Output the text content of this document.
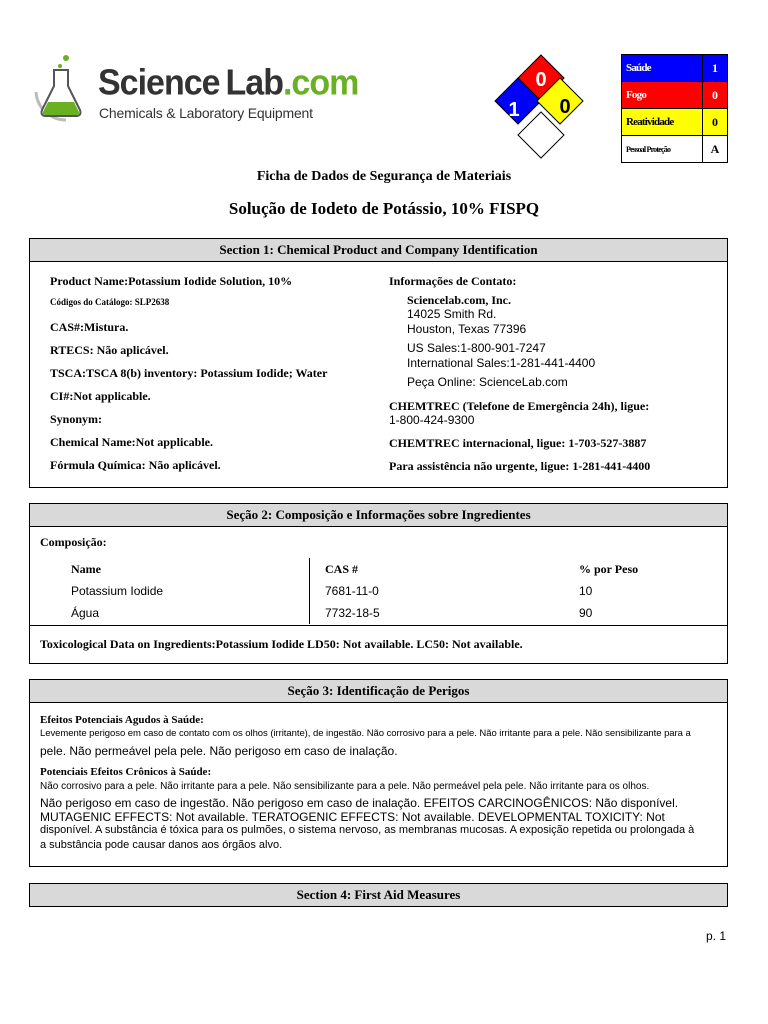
Science Lab.com
Chemicals & Laboratory Equipment
0
1 0
Saúde	1
Fogo	0
Reatividade	0
Pessoal Proteção	A
Ficha de Dados de Segurança de Materiais
Solução de Iodeto de Potássio, 10% FISPQ
Section 1: Chemical Product and Company Identification
Product Name:Potassium Iodide Solution, 10%
Códigos do Catálogo: SLP2638
CAS#:Mistura.
RTECS: Não aplicável.
TSCA:TSCA 8(b) inventory: Potassium Iodide; Water
CI#:Not applicable.
Synonym:
Chemical Name:Not applicable.
Fórmula Química: Não aplicável.
Informações de Contato:
Sciencelab.com, Inc.
14025 Smith Rd.
Houston, Texas 77396
US Sales:1-800-901-7247
International Sales:1-281-441-4400
Peça Online: ScienceLab.com
CHEMTREC (Telefone de Emergência 24h), ligue:
1-800-424-9300
CHEMTREC internacional, ligue: 1-703-527-3887
Para assistência não urgente, ligue: 1-281-441-4400
Seção 2: Composição e Informações sobre Ingredientes
Composição:
Name	CAS #	% por Peso
Potassium Iodide	7681-11-0	10
Água	7732-18-5	90
Toxicological Data on Ingredients:Potassium Iodide LD50: Not available. LC50: Not available.
Seção 3: Identificação de Perigos
Efeitos Potenciais Agudos à Saúde:
Levemente perigoso em caso de contato com os olhos (irritante), de ingestão. Não corrosivo para a pele. Não irritante para a pele. Não sensibilizante para a
pele. Não permeável pela pele. Não perigoso em caso de inalação.
Potenciais Efeitos Crônicos à Saúde:
Não corrosivo para a pele. Não irritante para a pele. Não sensibilizante para a pele. Não permeável pela pele. Não irritante para os olhos.
Não perigoso em caso de ingestão. Não perigoso em caso de inalação. EFEITOS CARCINOGÊNICOS: Não disponível.
MUTAGENIC EFFECTS: Not available. TERATOGENIC EFFECTS: Not available. DEVELOPMENTAL TOXICITY: Not
disponível. A substância é tóxica para os pulmões, o sistema nervoso, as membranas mucosas. A exposição repetida ou prolongada à
a substância pode causar danos aos órgãos alvo.
Section 4: First Aid Measures
p. 1
